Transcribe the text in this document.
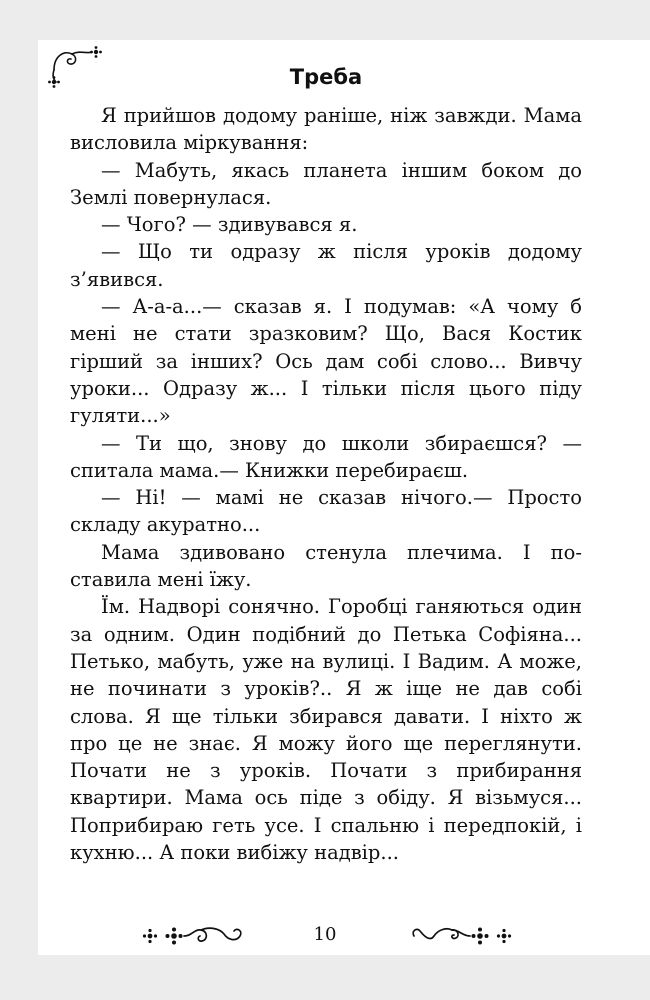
Треба

Я прийшов додому раніше, ніж завжди. Мама висловила міркування:

— Мабуть, якась планета іншим боком до Землі повернулася.

— Чого? — здивувався я.

— Що ти одразу ж після уроків додому з’явився.

— А-а-а...— сказав я. І подумав: «А чому б мені не стати зразковим? Що, Вася Костик гірший за інших? Ось дам собі слово... Вивчу уроки... Одразу ж... І тільки після цього піду гуляти...»

— Ти що, знову до школи збираєшся? — спитала мама.— Книжки перебираєш.

— Ні! — мамі не сказав нічого.— Просто складу акуратно...

Мама здивовано стенула плечима. І поставила мені їжу.

Їм. Надворі сонячно. Горобці ганяються один за одним. Один подібний до Петька Софіяна... Петько, мабуть, уже на вулиці. І Вадим. А може, не починати з уроків?.. Я ж іще не дав собі слова. Я ще тільки збирався давати. І ніхто ж про це не знає. Я можу його ще переглянути. Почати не з уроків. Почати з прибирання квартири. Мама ось піде з обіду. Я візьмуся... Поприбираю геть усе. І спальню і передпокій, і кухню... А поки вибіжу надвір...

10
